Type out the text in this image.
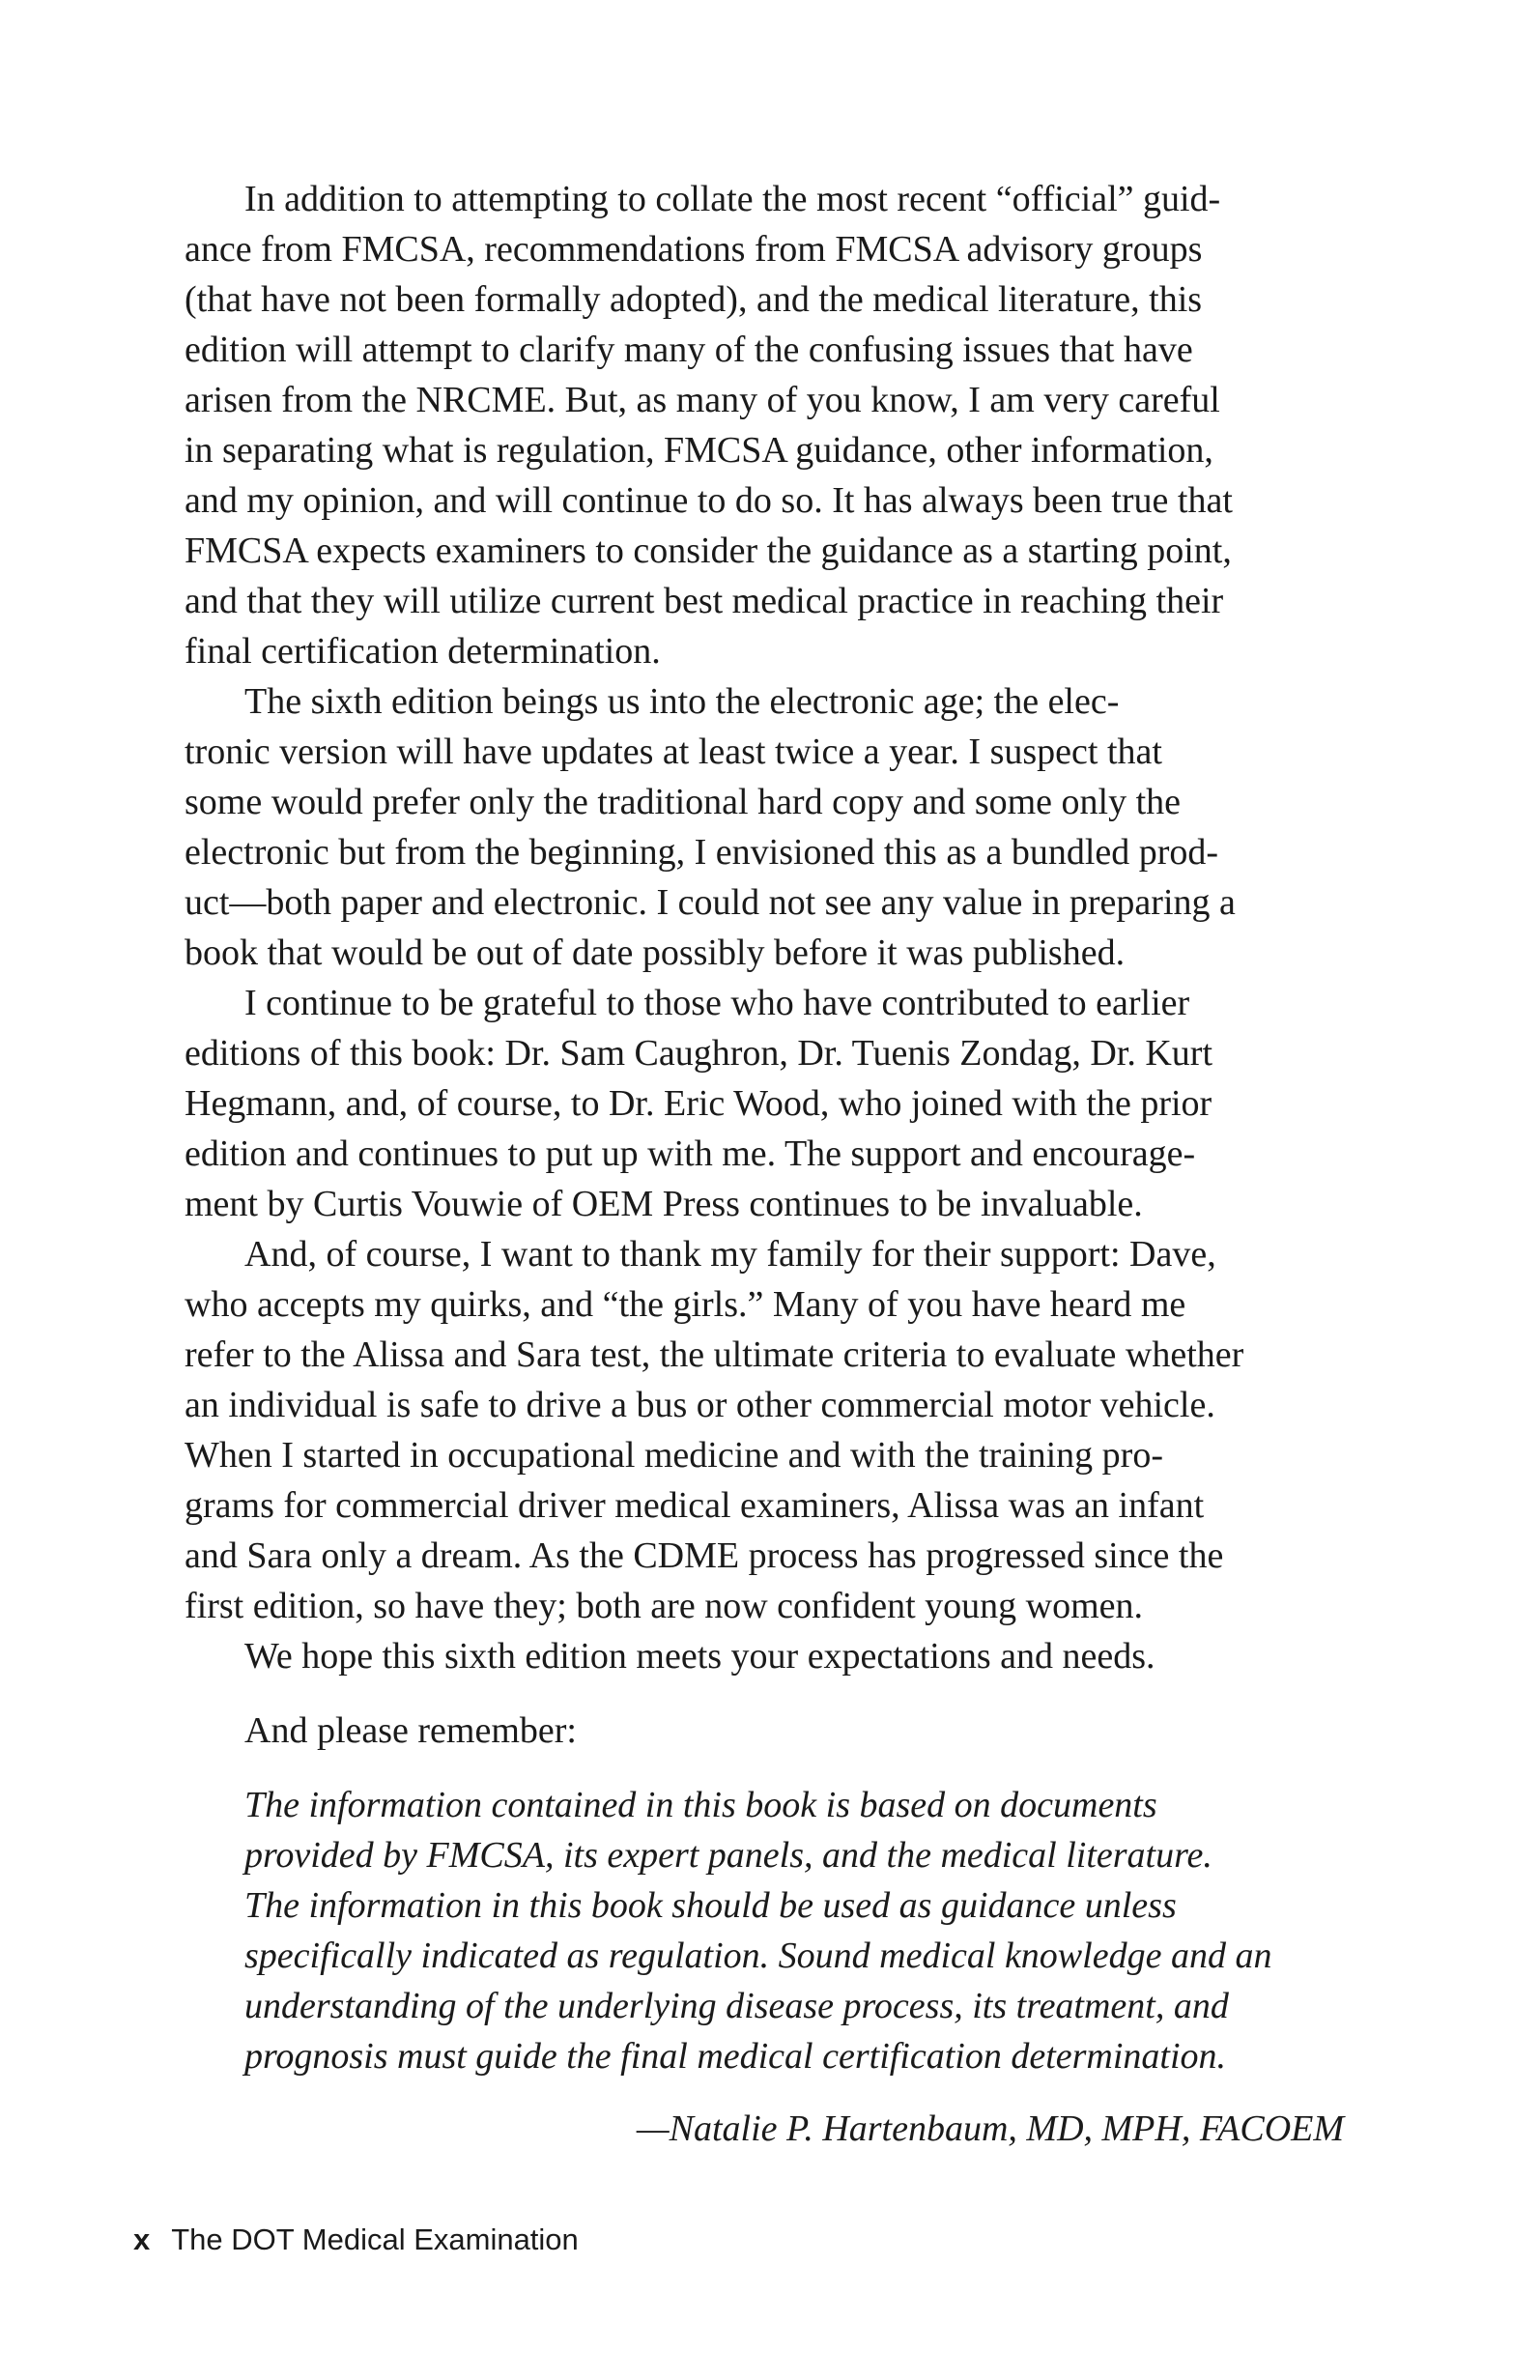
In addition to attempting to collate the most recent “official” guid-
ance from FMCSA, recommendations from FMCSA advisory groups
(that have not been formally adopted), and the medical literature, this
edition will attempt to clarify many of the confusing issues that have
arisen from the NRCME. But, as many of you know, I am very careful
in separating what is regulation, FMCSA guidance, other information,
and my opinion, and will continue to do so. It has always been true that
FMCSA expects examiners to consider the guidance as a starting point,
and that they will utilize current best medical practice in reaching their
final certification determination.
The sixth edition beings us into the electronic age; the elec-
tronic version will have updates at least twice a year. I suspect that
some would prefer only the traditional hard copy and some only the
electronic but from the beginning, I envisioned this as a bundled prod-
uct—both paper and electronic. I could not see any value in preparing a
book that would be out of date possibly before it was published.
I continue to be grateful to those who have contributed to earlier
editions of this book: Dr. Sam Caughron, Dr. Tuenis Zondag, Dr. Kurt
Hegmann, and, of course, to Dr. Eric Wood, who joined with the prior
edition and continues to put up with me. The support and encourage-
ment by Curtis Vouwie of OEM Press continues to be invaluable.
And, of course, I want to thank my family for their support: Dave,
who accepts my quirks, and “the girls.” Many of you have heard me
refer to the Alissa and Sara test, the ultimate criteria to evaluate whether
an individual is safe to drive a bus or other commercial motor vehicle.
When I started in occupational medicine and with the training pro-
grams for commercial driver medical examiners, Alissa was an infant
and Sara only a dream. As the CDME process has progressed since the
first edition, so have they; both are now confident young women.
We hope this sixth edition meets your expectations and needs.
And please remember:
The information contained in this book is based on documents
provided by FMCSA, its expert panels, and the medical literature.
The information in this book should be used as guidance unless
specifically indicated as regulation. Sound medical knowledge and an
understanding of the underlying disease process, its treatment, and
prognosis must guide the final medical certification determination.
—Natalie P. Hartenbaum, MD, MPH, FACOEM
x The DOT Medical Examination
